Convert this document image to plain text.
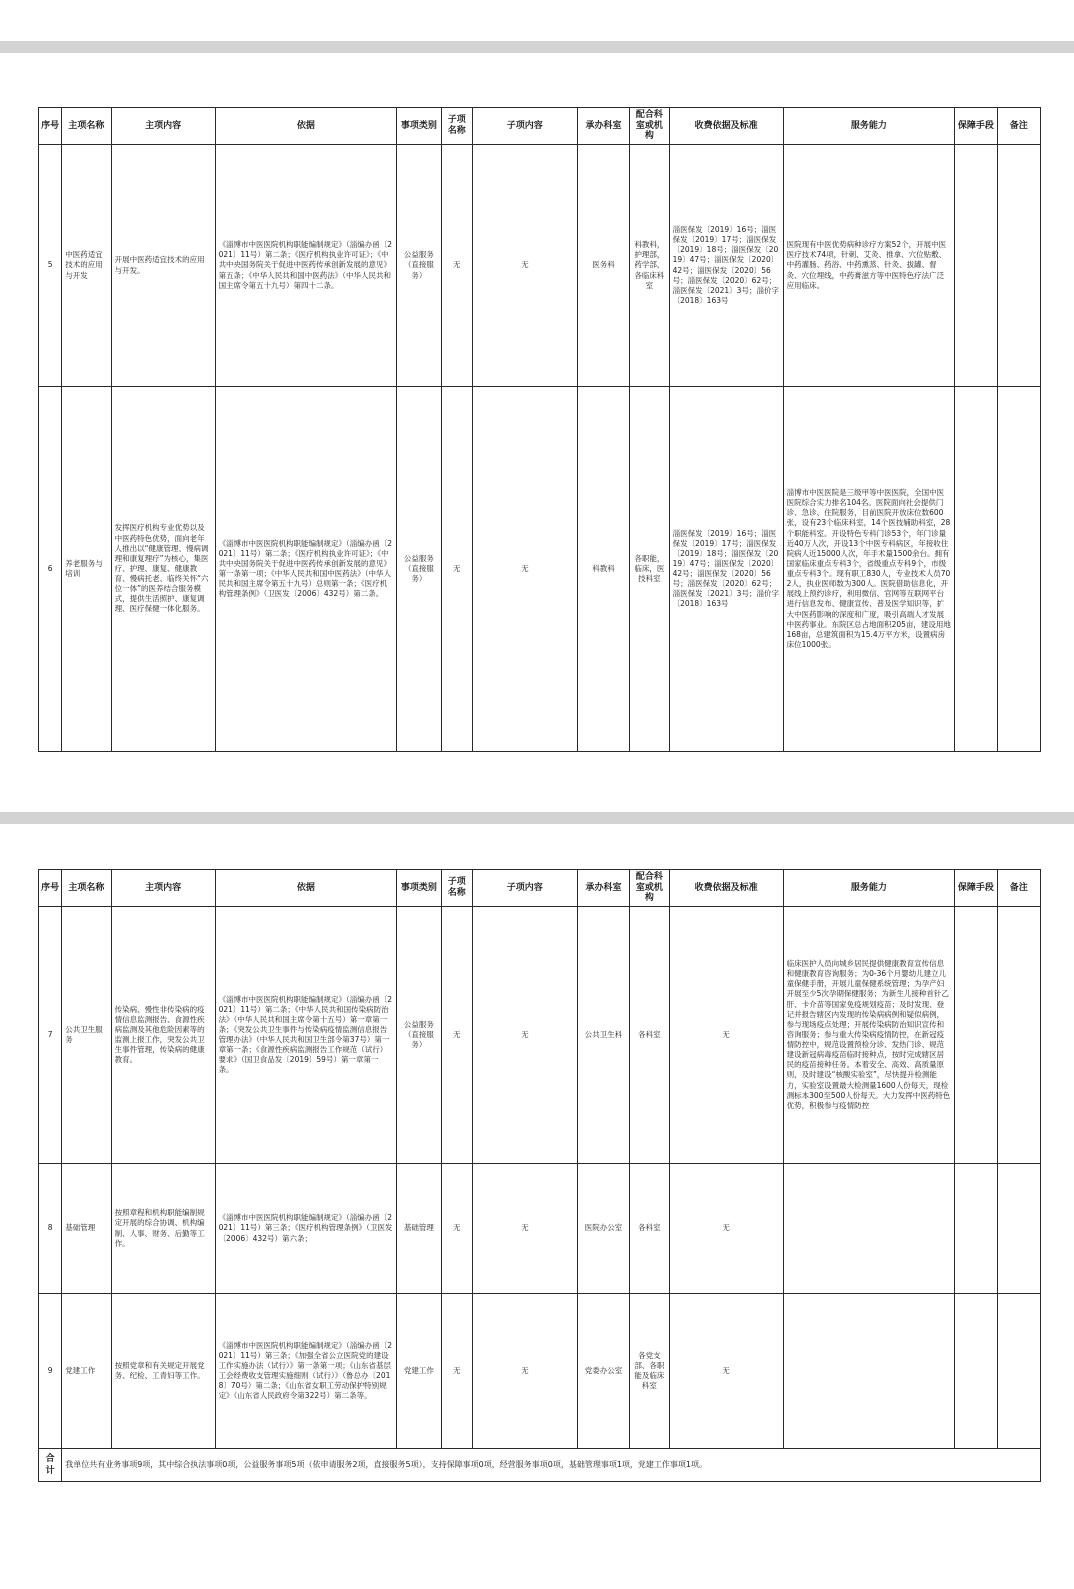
序号	主项名称	主项内容	依据	事项类别	子项名称	子项内容	承办科室	配合科室或机构	收费依据及标准	服务能力	保障手段	备注
5	中医药适宜技术的应用与开发	开展中医药适宜技术的应用与开发。	《淄博市中医医院机构职能编制规定》（淄编办函〔2021〕11号）第二条；《医疗机构执业许可证》；《中共中央国务院关于促进中医药传承创新发展的意见》第五条；《中华人民共和国中医药法》（中华人民共和国主席令第五十九号）第四十二条。	公益服务（直接服务）	无	无	医务科	科教科，护理部，药学部，各临床科室	淄医保发〔2019〕16号；淄医保发〔2019〕17号；淄医保发〔2019〕18号；淄医保发〔2019〕47号；淄医保发〔2020〕42号；淄医保发〔2020〕56号；淄医保发〔2020〕62号；淄医保发〔2021〕3号；淄价字〔2018〕163号	医院现有中医优势病种诊疗方案52个，开展中医医疗技术74项，针刺、艾灸、推拿、穴位贴敷、中药灌肠、药浴、中药熏蒸、针灸、拔罐、督灸、穴位埋线，中药膏滋方等中医特色疗法广泛应用临床。		
6	养老服务与培训	发挥医疗机构专业优势以及中医药特色优势，面向老年人推出以“健康管理、慢病调理和康复理疗”为核心，集医疗、护理、康复、健康教育、慢病托老、临终关怀“六位一体”的医养结合服务模式，提供生活照护、康复调理、医疗保健一体化服务。	《淄博市中医医院机构职能编制规定》（淄编办函〔2021〕11号）第二条；《医疗机构执业许可证》；《中共中央国务院关于促进中医药传承创新发展的意见》第一条第一项；《中华人民共和国中医药法》（中华人民共和国主席令第五十九号）总则第一条；《医疗机构管理条例》（卫医发〔2006〕432号）第二条。	公益服务（直接服务）	无	无	科教科	各职能，临床，医技科室	淄医保发〔2019〕16号；淄医保发〔2019〕17号；淄医保发〔2019〕18号；淄医保发〔2019〕47号；淄医保发〔2020〕42号；淄医保发〔2020〕56号；淄医保发〔2020〕62号；淄医保发〔2021〕3号；淄价字〔2018〕163号	淄博市中医医院是三级甲等中医医院，全国中医医院综合实力排名104名。医院面向社会提供门诊、急诊、住院服务，目前医院开放床位数600张，设有23个临床科室，14个医技辅助科室，28个职能科室。开设特色专科门诊53个，年门诊量近40万人次，开设13个中医专科病区，年接收住院病人近15000人次，年手术量1500余台。拥有国家临床重点专科3个，省级重点专科9个，市级重点专科3个。现有职工830人，专业技术人员702人，执业医师数为300人。医院借助信息化，开展线上预约诊疗，利用微信、官网等互联网平台进行信息发布、健康宣传、普及医学知识等，扩大中医药影响的深度和广度，吸引高端人才发展中医药事业。东院区总占地面积205亩，建设用地168亩，总建筑面积为15.4万平方米，设置病房床位1000张。		
序号	主项名称	主项内容	依据	事项类别	子项名称	子项内容	承办科室	配合科室或机构	收费依据及标准	服务能力	保障手段	备注
7	公共卫生服务	传染病、慢性非传染病的疫情信息监测报告、食源性疾病监测及其他危险因素等的监测上报工作，突发公共卫生事件管理，传染病的健康教育。	《淄博市中医医院机构职能编制规定》（淄编办函〔2021〕11号）第二条；《中华人民共和国传染病防治法》（中华人民共和国主席令第十五号）第一章第一条；《突发公共卫生事件与传染病疫情监测信息报告管理办法》（中华人民共和国卫生部令第37号）第一章第一条；《食源性疾病监测报告工作规范（试行）要求》（国卫食品发〔2019〕59号）第一章第一条。	公益服务（直接服务）	无	无	公共卫生科	各科室	无	临床医护人员向城乡居民提供健康教育宣传信息和健康教育咨询服务；为0-36个月婴幼儿建立儿童保健手册，开展儿童保健系统管理；为孕产妇开展至少5次孕期保健服务；为新生儿接种首针乙肝、卡介苗等国家免疫规划疫苗；及时发现、登记并报告辖区内发现的传染病病例和疑似病例，参与现场疫点处理；开展传染病防治知识宣传和咨询服务；参与重大传染病疫情防控，在新冠疫情防控中，规范设置预检分诊、发热门诊、规范建设新冠病毒疫苗临时接种点，按时完成辖区居民的疫苗接种任务。本着安全、高效、高质量原则，及时建设“核酸实验室”，尽快提升检测能力，实验室设置最大检测量1600人份每天，现检测标本300至500人份每天。大力发挥中医药特色优势，积极参与疫情防控		
8	基础管理	按照章程和机构职能编制规定开展的综合协调、机构编制、人事、财务、后勤等工作。	《淄博市中医医院机构职能编制规定》（淄编办函〔2021〕11号）第三条；《医疗机构管理条例》（卫医发〔2006〕432号）第六条；	基础管理	无	无	医院办公室	各科室	无			
9	党建工作	按照党章和有关规定开展党务、纪检、工青妇等工作。	《淄博市中医医院机构职能编制规定》（淄编办函〔2021〕11号）第三条；《加强全省公立医院党的建设工作实施办法（试行）》第一条第一项；《山东省基层工会经费收支管理实施细则（试行）》（鲁总办〔2018〕70号）第二条；《山东省女职工劳动保护特别规定》（山东省人民政府令第322号）第二条等。	党建工作	无	无	党委办公室	各党支部、各职能及临床科室	无			
合计	我单位共有业务事项9项，其中综合执法事项0项，公益服务事项5项（依申请服务2项，直接服务5项），支持保障事项0项，经营服务事项0项，基础管理事项1项，党建工作事项1项。											
